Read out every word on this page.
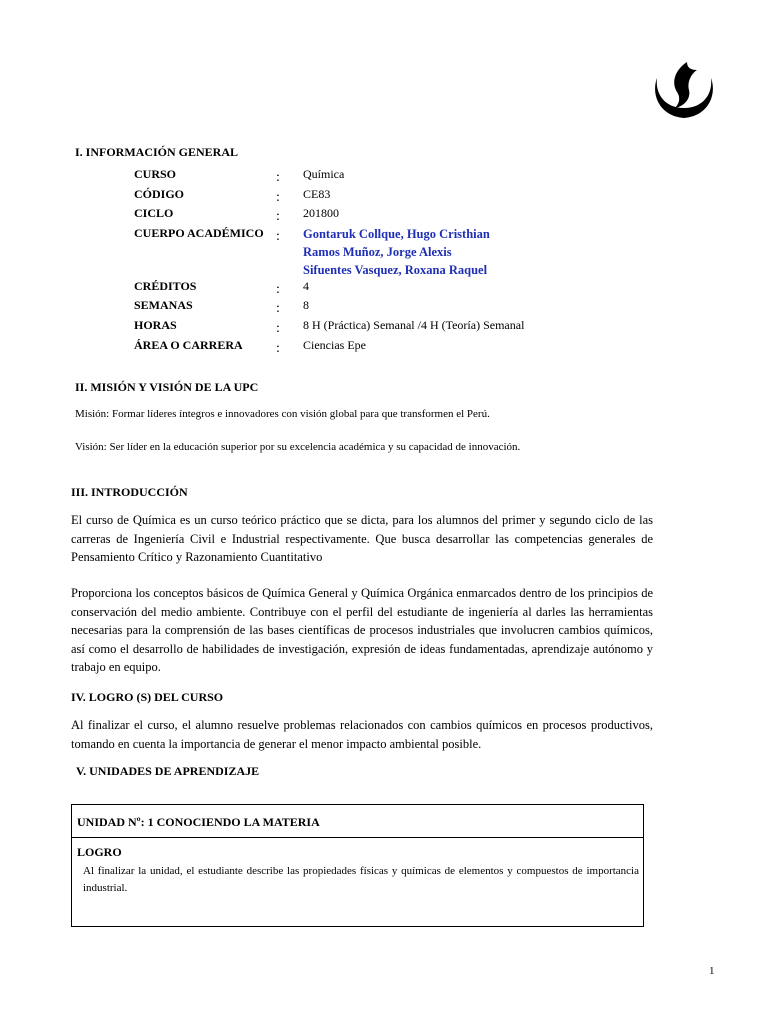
I. INFORMACIÓN GENERAL
CURSO	: Química
CÓDIGO	: CE83
CICLO	: 201800
CUERPO ACADÉMICO : Gontaruk Collque, Hugo Cristhian
Ramos Muñoz, Jorge Alexis
Sifuentes Vasquez, Roxana Raquel
CRÉDITOS	: 4
SEMANAS	: 8
HORAS	: 8 H (Práctica) Semanal /4 H (Teoría) Semanal
ÁREA O CARRERA : Ciencias Epe
II. MISIÓN Y VISIÓN DE LA UPC
Misión: Formar líderes íntegros e innovadores con visión global para que transformen el Perú.
Visión: Ser líder en la educación superior por su excelencia académica y su capacidad de innovación.
III. INTRODUCCIÓN
El curso de Química es un curso teórico práctico que se dicta, para los alumnos del primer y segundo ciclo de las carreras de Ingeniería Civil e Industrial respectivamente. Que busca desarrollar las competencias generales de Pensamiento Crítico y Razonamiento Cuantitativo
Proporciona los conceptos básicos de Química General y Química Orgánica enmarcados dentro de los principios de conservación del medio ambiente. Contribuye con el perfil del estudiante de ingeniería al darles las herramientas necesarias para la comprensión de las bases científicas de procesos industriales que involucren cambios químicos, así como el desarrollo de habilidades de investigación, expresión de ideas fundamentadas, aprendizaje autónomo y trabajo en equipo.
IV. LOGRO (S) DEL CURSO
Al finalizar el curso, el alumno resuelve problemas relacionados con cambios químicos en procesos productivos, tomando en cuenta la importancia de generar el menor impacto ambiental posible.
V. UNIDADES DE APRENDIZAJE
UNIDAD Nº: 1 CONOCIENDO LA MATERIA
LOGRO
Al finalizar la unidad, el estudiante describe las propiedades físicas y químicas de elementos y compuestos de importancia industrial.
1
